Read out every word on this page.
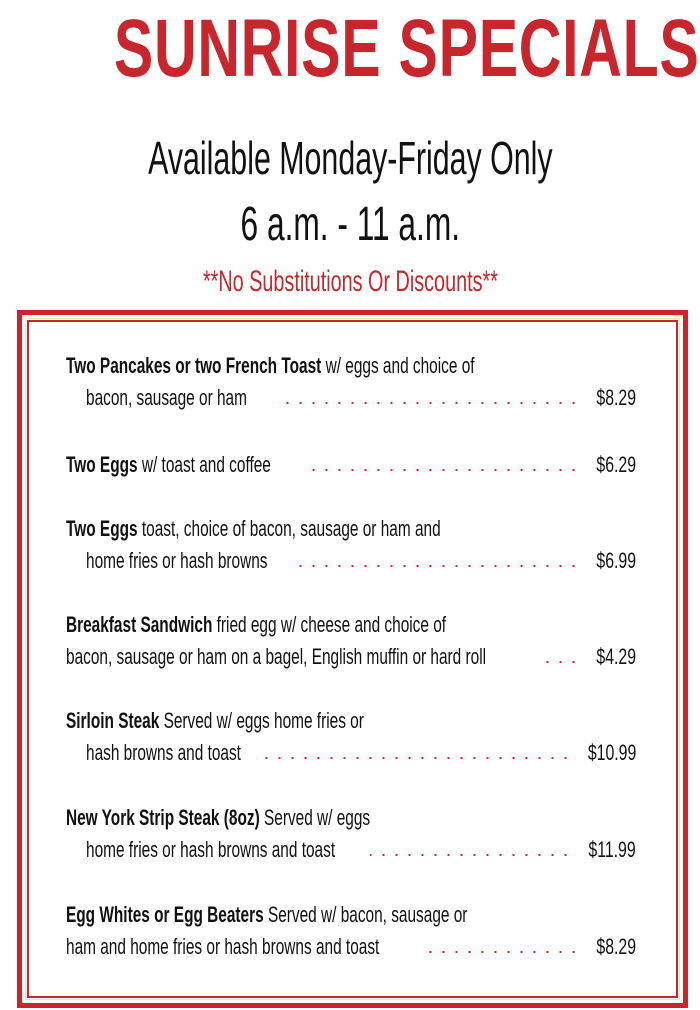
SUNRISE SPECIALS
Available Monday-Friday Only
6 a.m. - 11 a.m.
**No Substitutions Or Discounts**
Two Pancakes or two French Toast w/ eggs and choice of
bacon, sausage or ham	$8.29
Two Eggs w/ toast and coffee	$6.29
Two Eggs toast, choice of bacon, sausage or ham and
home fries or hash browns	$6.99
Breakfast Sandwich fried egg w/ cheese and choice of
bacon, sausage or ham on a bagel, English muffin or hard roll	$4.29
Sirloin Steak Served w/ eggs home fries or
hash browns and toast	$10.99
New York Strip Steak (8oz) Served w/ eggs
home fries or hash browns and toast	$11.99
Egg Whites or Egg Beaters Served w/ bacon, sausage or
ham and home fries or hash browns and toast	$8.29
